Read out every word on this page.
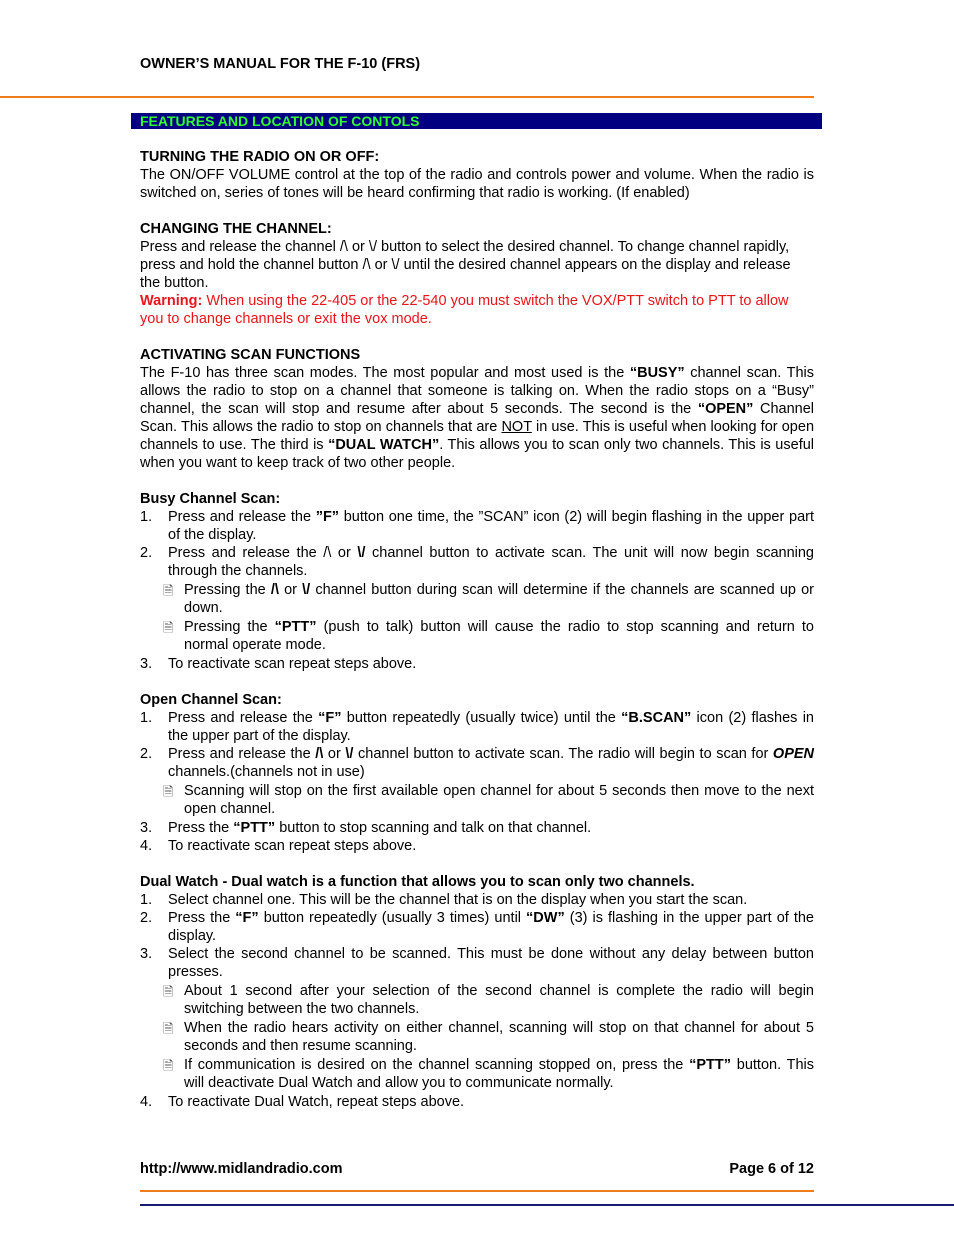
OWNER’S MANUAL FOR THE F-10 (FRS)
FEATURES AND LOCATION OF CONTOLS

TURNING THE RADIO ON OR OFF:

The ON/OFF VOLUME control at the top of the radio and controls power and volume. When the radio is switched on, series of tones will be heard confirming that radio is working. (If enabled)

CHANGING THE CHANNEL:

Press and release the channel /\ or \/ button to select the desired channel. To change channel rapidly, press and hold the channel button /\ or \/ until the desired channel appears on the display and release the button.

Warning: When using the 22-405 or the 22-540 you must switch the VOX/PTT switch to PTT to allow you to change channels or exit the vox mode.

ACTIVATING SCAN FUNCTIONS

The F-10 has three scan modes. The most popular and most used is the “BUSY” channel scan. This allows the radio to stop on a channel that someone is talking on. When the radio stops on a “Busy” channel, the scan will stop and resume after about 5 seconds. The second is the “OPEN” Channel Scan. This allows the radio to stop on channels that are NOT in use. This is useful when looking for open channels to use. The third is “DUAL WATCH”. This allows you to scan only two channels. This is useful when you want to keep track of two other people.

Busy Channel Scan:

1. Press and release the ”F” button one time, the ”SCAN” icon (2) will begin flashing in the upper part of the display.
2. Press and release the /\ or \/ channel button to activate scan. The unit will now begin scanning through the channels.
🗎 Pressing the /\ or \/ channel button during scan will determine if the channels are scanned up or down.
🗎 Pressing the “PTT” (push to talk) button will cause the radio to stop scanning and return to normal operate mode.
3. To reactivate scan repeat steps above.

Open Channel Scan:

1. Press and release the “F” button repeatedly (usually twice) until the “B.SCAN” icon (2) flashes in the upper part of the display.
2. Press and release the /\ or \/ channel button to activate scan. The radio will begin to scan for OPEN channels.(channels not in use)
🗎 Scanning will stop on the first available open channel for about 5 seconds then move to the next open channel.
3. Press the “PTT” button to stop scanning and talk on that channel.
4. To reactivate scan repeat steps above.

Dual Watch - Dual watch is a function that allows you to scan only two channels.

1. Select channel one. This will be the channel that is on the display when you start the scan.
2. Press the “F” button repeatedly (usually 3 times) until “DW” (3) is flashing in the upper part of the display.
3. Select the second channel to be scanned. This must be done without any delay between button presses.
🗎 About 1 second after your selection of the second channel is complete the radio will begin switching between the two channels.
🗎 When the radio hears activity on either channel, scanning will stop on that channel for about 5 seconds and then resume scanning.
🗎 If communication is desired on the channel scanning stopped on, press the “PTT” button. This will deactivate Dual Watch and allow you to communicate normally.
4. To reactivate Dual Watch, repeat steps above.
http://www.midlandradio.com	Page 6 of 12
